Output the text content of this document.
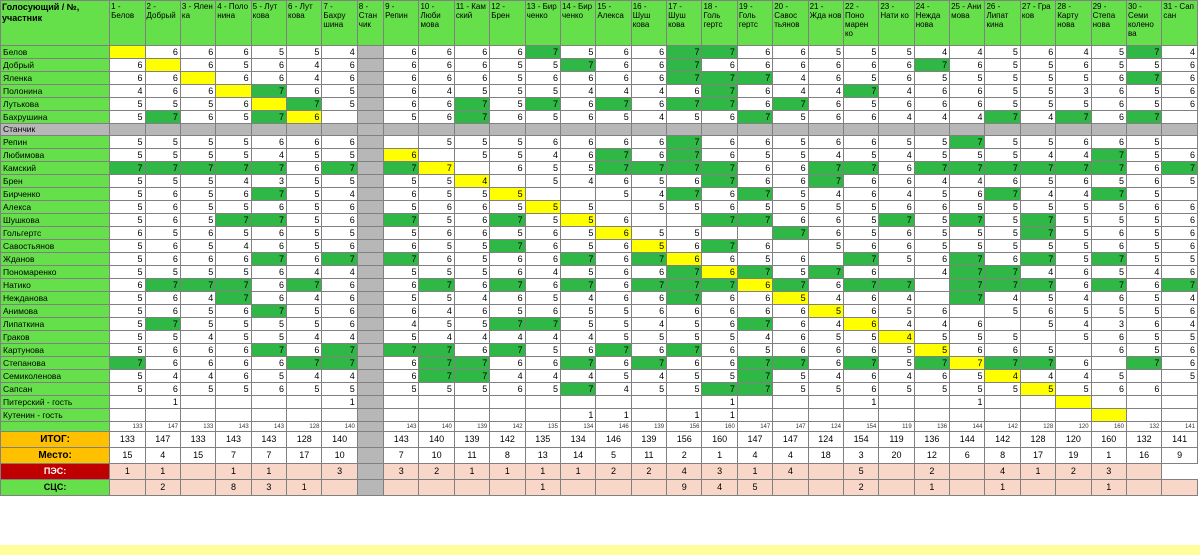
Голосующий / №, участник	1 - Белов	2 - Добрый	3 - Ялен ка	4 - Поло нина	5 - Лут кова	6 - Лут кова	7 - Бахру шина	8 - Стан чик	9 - Репин	10 - Люби мова	11 - Кам ский	12 - Брен	13 - Бир ченко	14 - Бир ченко	15 - Алекса	16 - Шуш кова	17 - Шуш кова	18 - Голь гертс	19 - Голь гертс	20 - Савос тьянов	21 - Жда нов	22 - Поно марен ко	23 - Нати ко	24 - Нежда нова	25 - Ани мова	26 - Липат кина	27 - Гра ков	28 - Карту нова	29 - Степа нова	30 - Семи колено ва	31 - Сап сан
Белов		6	6	6	5	5	4		6	6	6	6	7	5	6	6	7	7	6	6	5	5	5	4	4	5	6	4	5	7	4
Добрый	6		6	5	6	4	6		6	6	6	5	5	7	6	6	7	6	6	6	6	6	6	7	6	5	5	6	5	5	6
Яленка	6	6		6	6	4	6		6	6	6	5	6	6	6	6	7	7	7	4	6	5	6	5	5	5	5	5	6	7	6
Полонина	4	6	6		7	6	5		6	4	5	5	5	4	4	4	6	7	6	4	4	7	4	6	6	5	5	3	6	5	6
Лутькова	5	5	5	6		7	5		6	6	7	5	7	6	7	6	7	7	6	7	6	5	6	6	6	5	5	5	6	5	6
Бахрушина	5	7	6	5	7	6			5	6	7	6	5	6	5	4	5	6	7	5	6	6	4	4	4	7	4	7	6	7	
Станчик																															
Репин	5	5	5	5	6	6	6			5	5	5	6	6	6	6	7	6	6	5	6	6	5	5	7	5	5	6	6	5	
Любимова	5	5	5	5	4	5	5		6		5	5	4	6	7	6	7	6	5	5	4	5	4	5	5	5	4	4	7	5	6
Камский	7	7	7	7	7	6	7		7	7		6	5	5	7	7	7	7	6	6	7	7	6	7	7	7	7	7	7	6	7
Брен	5	5	5	4	3	5	5		5	5	4		5	4	6	5	6	7	6	6	7	6	6	4	4	6	5	6	5	6	5
Бирченко	5	6	5	6	7	5	4		6	5	5	5			5	4	7	6	7	5	4	6	4	5	6	7	4	4	7	5	
Алекса	5	6	5	5	6	5	6		5	6	6	5	5	5		5	5	6	5	5	5	5	6	6	5	5	5	5	5	6	6
Шушкова	5	6	5	7	7	5	6		7	5	6	7	5	5	6			7	7	6	6	5	7	5	7	5	7	5	5	5	6
Гольгертс	6	5	6	5	6	5	5		5	6	6	5	6	5	6	5	5			7	6	5	6	5	5	5	7	5	6	5	6
Савостьянов	5	6	5	4	6	5	6		6	5	5	7	6	5	6	5	6	7	6		5	6	6	5	5	5	5	5	6	5	6
Жданов	5	6	6	6	7	6	7		7	6	5	6	6	7	6	7	6	6	5	6		7	5	6	7	6	7	5	7	5	5
Пономаренко	5	5	5	5	6	4	4		5	5	5	6	4	5	6	6	7	6	7	5	7	6		4	7	7	4	6	5	4	6
Натико	6	7	7	7	6	7	6		6	7	6	7	6	7	6	7	7	7	6	7	6	7	7		7	7	7	6	7	6	7
Нежданова	5	6	4	7	6	4	6		5	5	4	6	5	4	6	6	7	6	6	5	4	6	4		7	4	5	4	6	5	4
Анимова	5	6	5	6	7	5	6		6	4	6	5	6	5	5	6	6	6	6	6	5	6	5	6		5	6	5	5	5	6
Липаткина	5	7	5	5	5	5	6		4	5	5	7	7	5	5	4	5	6	7	6	4	6	4	4	6		5	4	3	6	4
Граков	5	5	4	5	5	4	4		5	4	4	4	4	4	5	5	5	5	4	6	5	5	4	5	5	5		5	6	5	5
Картунова	5	6	6	6	7	6	7		7	7	6	7	5	6	7	6	7	6	5	6	6	6	5	5	6	6	5		6	5	6
Степанова	7	6	6	6	6	7	7		6	7	7	6	6	7	6	7	6	6	7	7	6	7	5	7	7	7	7	6		7	6
Семиколенова	5	4	4	6	5	4	4		6	7	7	4	4	4	5	4	5	5	7	5	4	6	4	6	5	4	4	4	5		5
Сапсан	5	6	5	5	6	5	5		5	5	5	6	5	7	4	5	5	7	7	5	5	6	5	5	5	5	5	5	6	6	
Питерский - гость		1					1											1				1			1						
Кутенин - гость														1	1		1	1													
	133	147	133	143	143	128	140		143	140	139	142	135	134	146	139	156	160	147	147	124	154	119	136	144	142	128	120	160	132	141
ИТОГ:	133	147	133	143	143	128	140		143	140	139	142	135	134	146	139	156	160	147	147	124	154	119	136	144	142	128	120	160	132	141
Место:	15	4	15	7	7	17	10		7	10	11	8	13	14	5	11	2	1	4	4	18	3	20	12	6	8	17	19	1	16	9
ПЭС:	1	1		1	1		3		3	2	1	1	1	1	2	2	4	3	1	4		5		2		4	1	2	3		
СЦС:		2		8	3	1							1				9	4	5			2		1		1			1		
